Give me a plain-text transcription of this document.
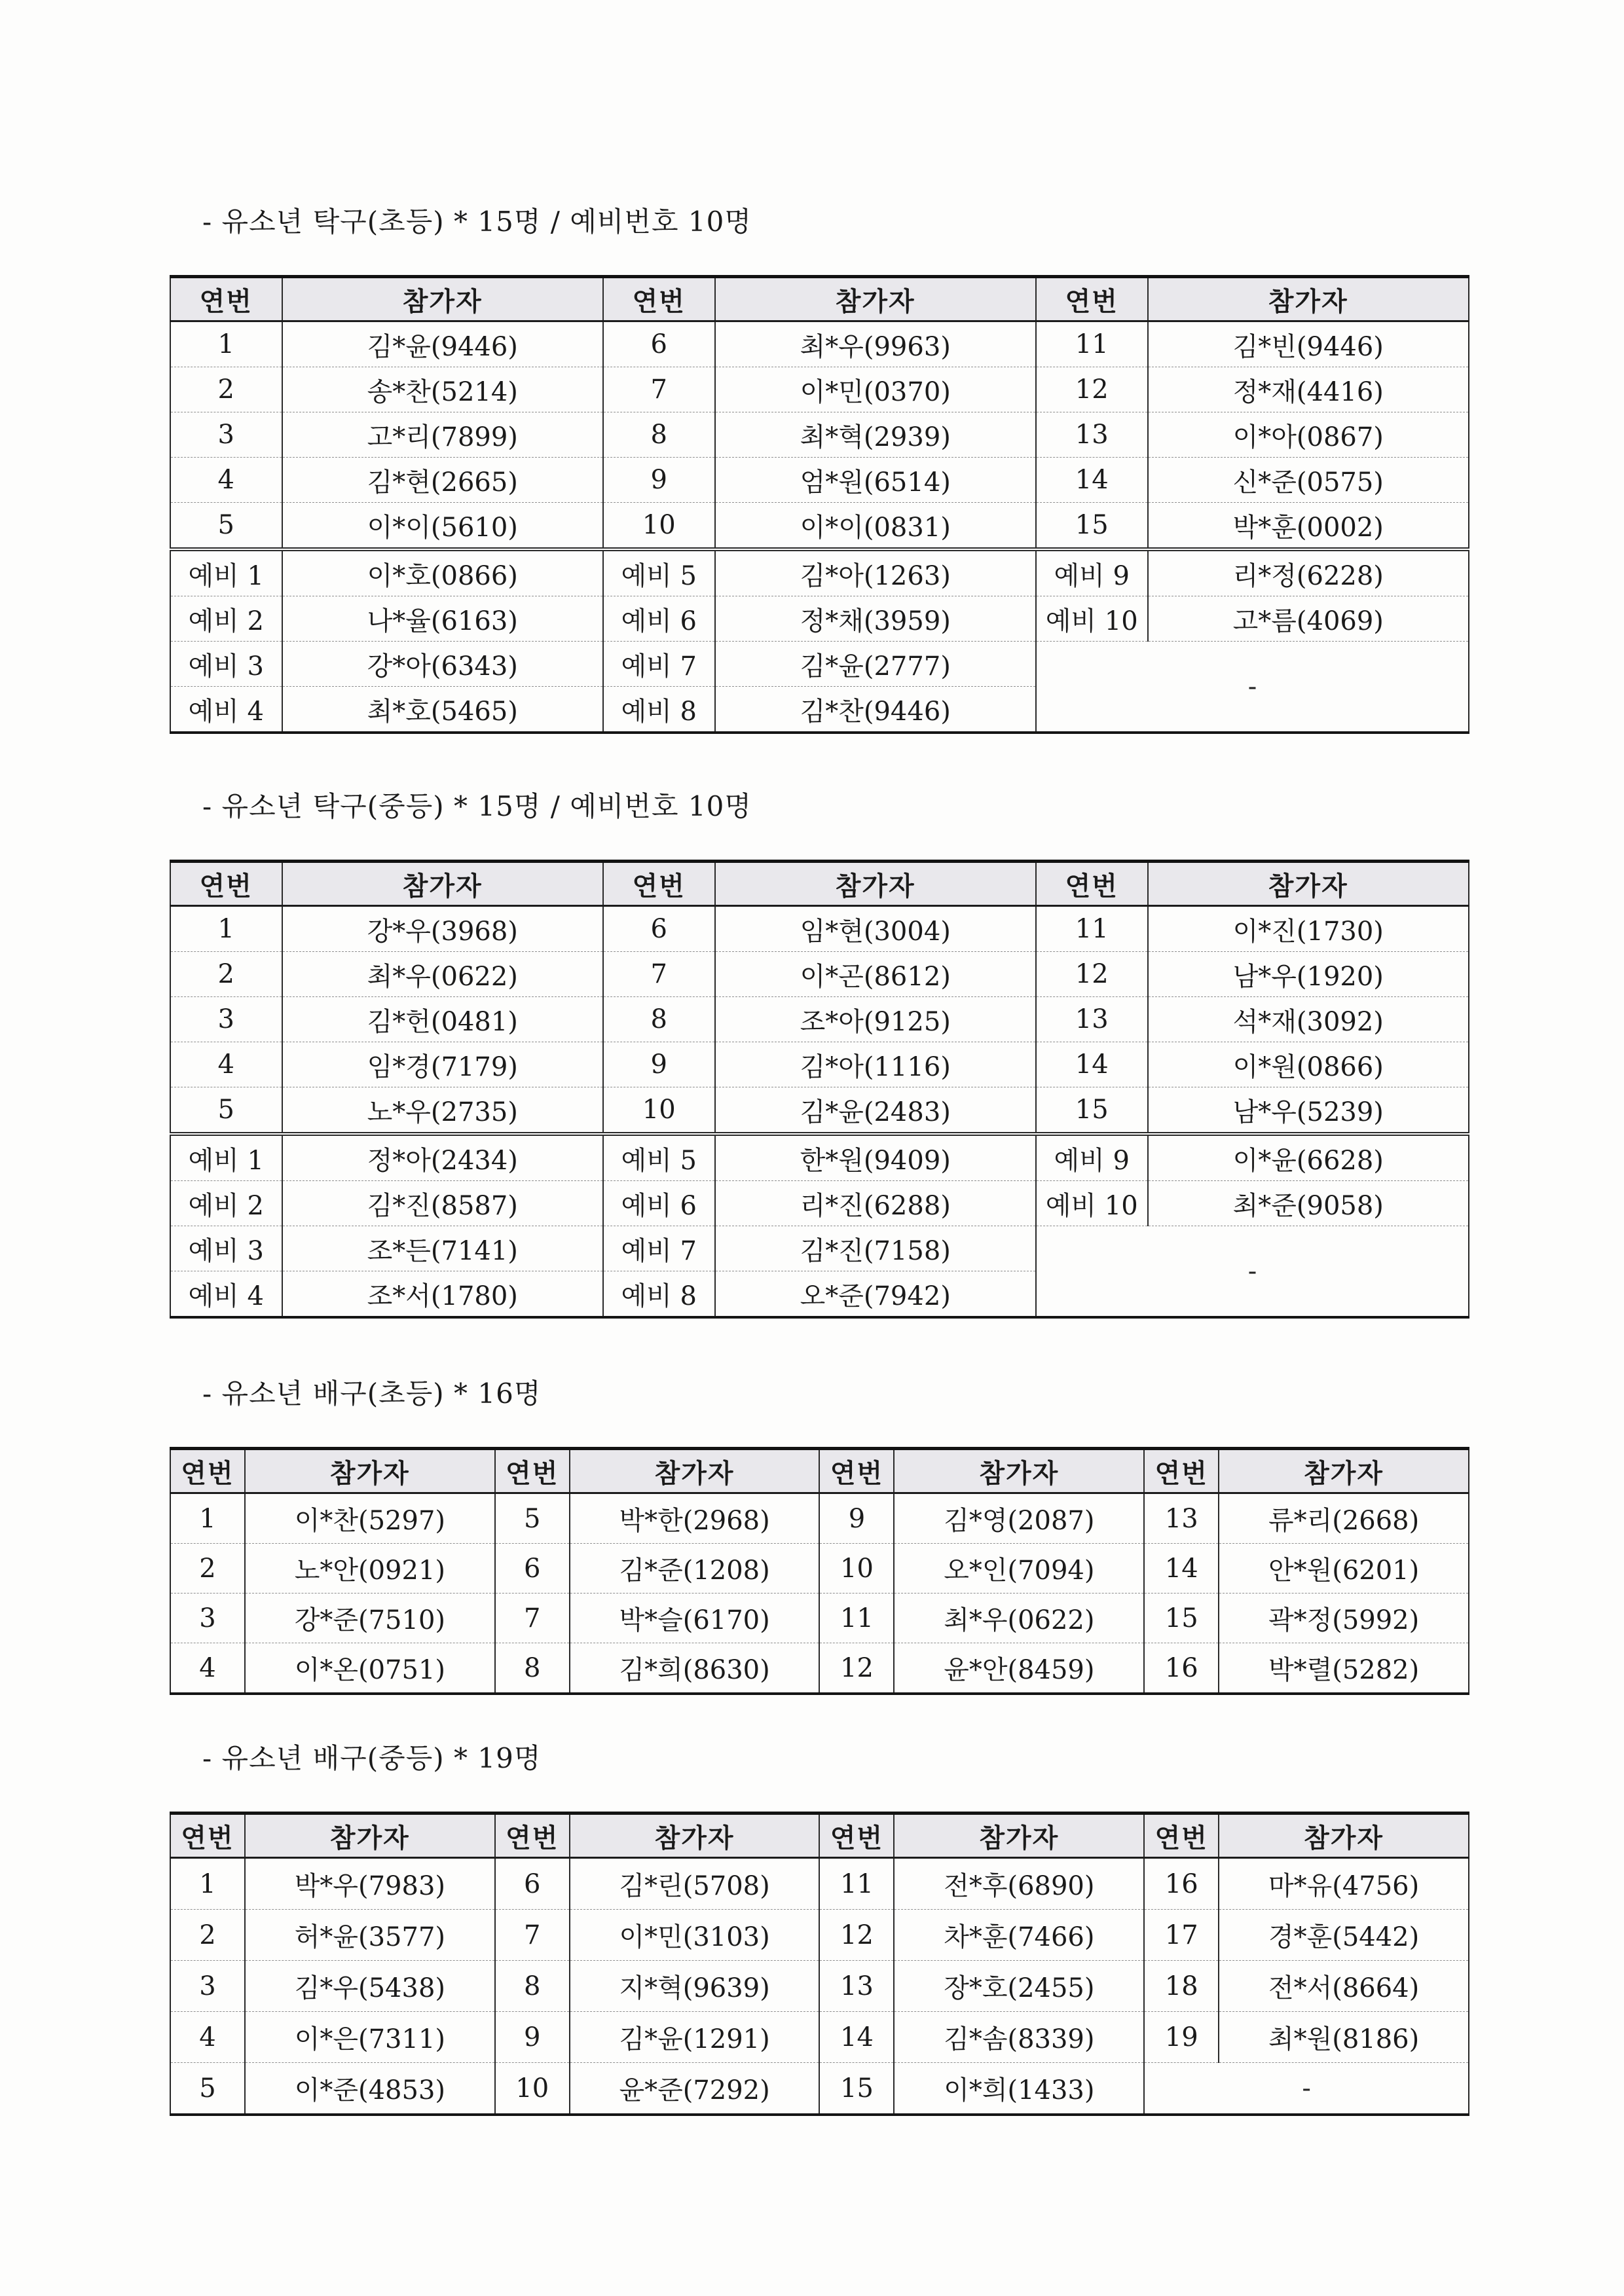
- 유소년 탁구(초등) * 15명 / 예비번호 10명
연번	참가자	연번	참가자	연번	참가자
1	김*윤(9446)	6	최*우(9963)	11	김*빈(9446)
2	송*찬(5214)	7	이*민(0370)	12	정*재(4416)
3	고*리(7899)	8	최*혁(2939)	13	이*아(0867)
4	김*현(2665)	9	엄*원(6514)	14	신*준(0575)
5	이*이(5610)	10	이*이(0831)	15	박*훈(0002)
예비 1	이*호(0866)	예비 5	김*아(1263)	예비 9	리*정(6228)
예비 2	나*율(6163)	예비 6	정*채(3959)	예비 10	고*름(4069)
예비 3	강*아(6343)	예비 7	김*윤(2777)	-	
예비 4	최*호(5465)	예비 8	김*찬(9446)		
- 유소년 탁구(중등) * 15명 / 예비번호 10명
연번	참가자	연번	참가자	연번	참가자
1	강*우(3968)	6	임*현(3004)	11	이*진(1730)
2	최*우(0622)	7	이*곤(8612)	12	남*우(1920)
3	김*헌(0481)	8	조*아(9125)	13	석*재(3092)
4	임*경(7179)	9	김*아(1116)	14	이*원(0866)
5	노*우(2735)	10	김*윤(2483)	15	남*우(5239)
예비 1	정*아(2434)	예비 5	한*원(9409)	예비 9	이*윤(6628)
예비 2	김*진(8587)	예비 6	리*진(6288)	예비 10	최*준(9058)
예비 3	조*든(7141)	예비 7	김*진(7158)	-	
예비 4	조*서(1780)	예비 8	오*준(7942)		
- 유소년 배구(초등) * 16명
연번	참가자	연번	참가자	연번	참가자	연번	참가자
1	이*찬(5297)	5	박*한(2968)	9	김*영(2087)	13	류*리(2668)
2	노*안(0921)	6	김*준(1208)	10	오*인(7094)	14	안*원(6201)
3	강*준(7510)	7	박*슬(6170)	11	최*우(0622)	15	곽*정(5992)
4	이*온(0751)	8	김*희(8630)	12	윤*안(8459)	16	박*렬(5282)
- 유소년 배구(중등) * 19명
연번	참가자	연번	참가자	연번	참가자	연번	참가자
1	박*우(7983)	6	김*린(5708)	11	전*후(6890)	16	마*유(4756)
2	허*윤(3577)	7	이*민(3103)	12	차*훈(7466)	17	경*훈(5442)
3	김*우(5438)	8	지*혁(9639)	13	장*호(2455)	18	전*서(8664)
4	이*은(7311)	9	김*윤(1291)	14	김*솜(8339)	19	최*원(8186)
5	이*준(4853)	10	윤*준(7292)	15	이*희(1433)	-	
